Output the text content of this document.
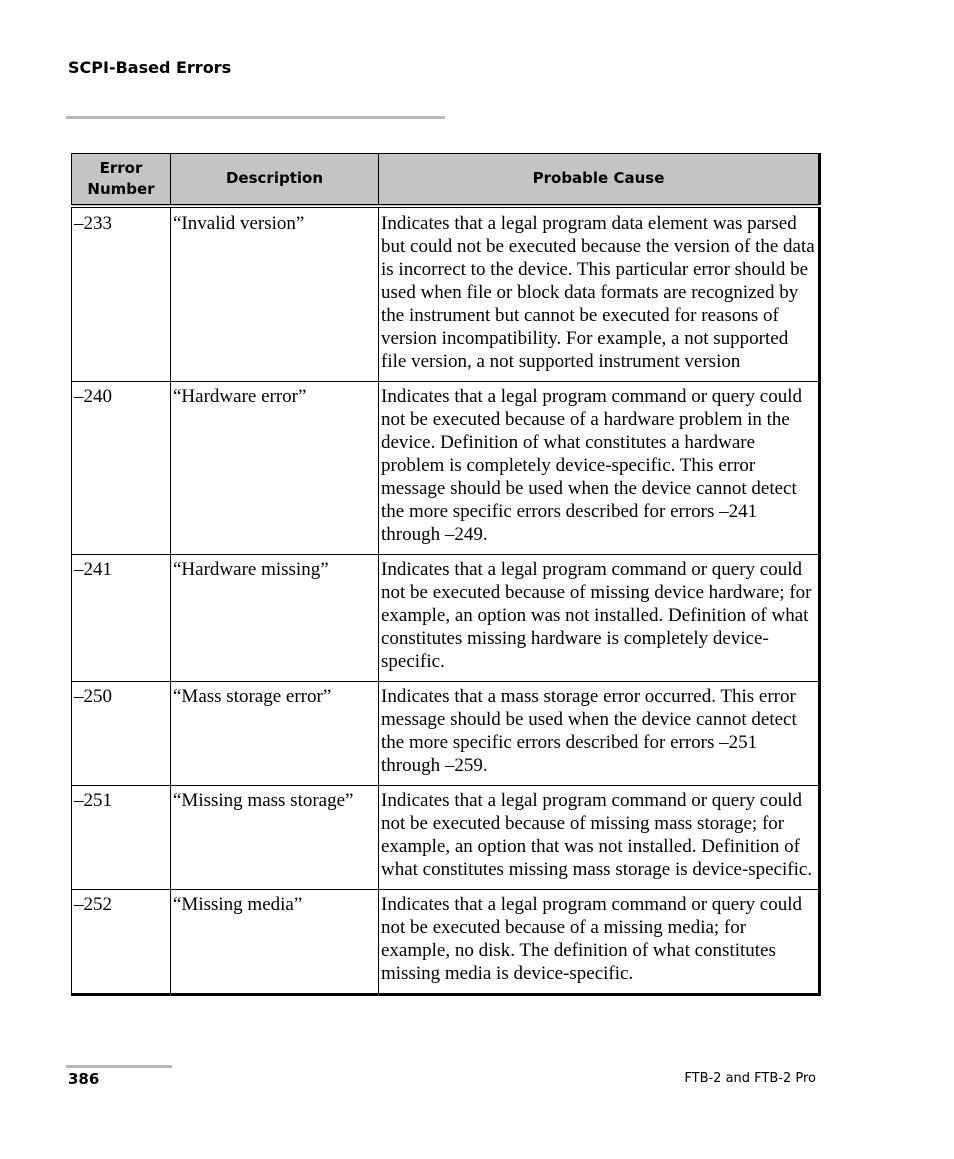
SCPI-Based Errors
Error Number	Description	Probable Cause
–233	“Invalid version”	Indicates that a legal program data element was parsed but could not be executed because the version of the data is incorrect to the device. This particular error should be used when file or block data formats are recognized by the instrument but cannot be executed for reasons of version incompatibility. For example, a not supported file version, a not supported instrument version
–240	“Hardware error”	Indicates that a legal program command or query could not be executed because of a hardware problem in the device. Definition of what constitutes a hardware problem is completely device-specific. This error message should be used when the device cannot detect the more specific errors described for errors –241 through –249.
–241	“Hardware missing”	Indicates that a legal program command or query could not be executed because of missing device hardware; for example, an option was not installed. Definition of what constitutes missing hardware is completely device-specific.
–250	“Mass storage error”	Indicates that a mass storage error occurred. This error message should be used when the device cannot detect the more specific errors described for errors –251 through –259.
–251	“Missing mass storage”	Indicates that a legal program command or query could not be executed because of missing mass storage; for example, an option that was not installed. Definition of what constitutes missing mass storage is device-specific.
–252	“Missing media”	Indicates that a legal program command or query could not be executed because of a missing media; for example, no disk. The definition of what constitutes missing media is device-specific.
386	FTB-2 and FTB-2 Pro
